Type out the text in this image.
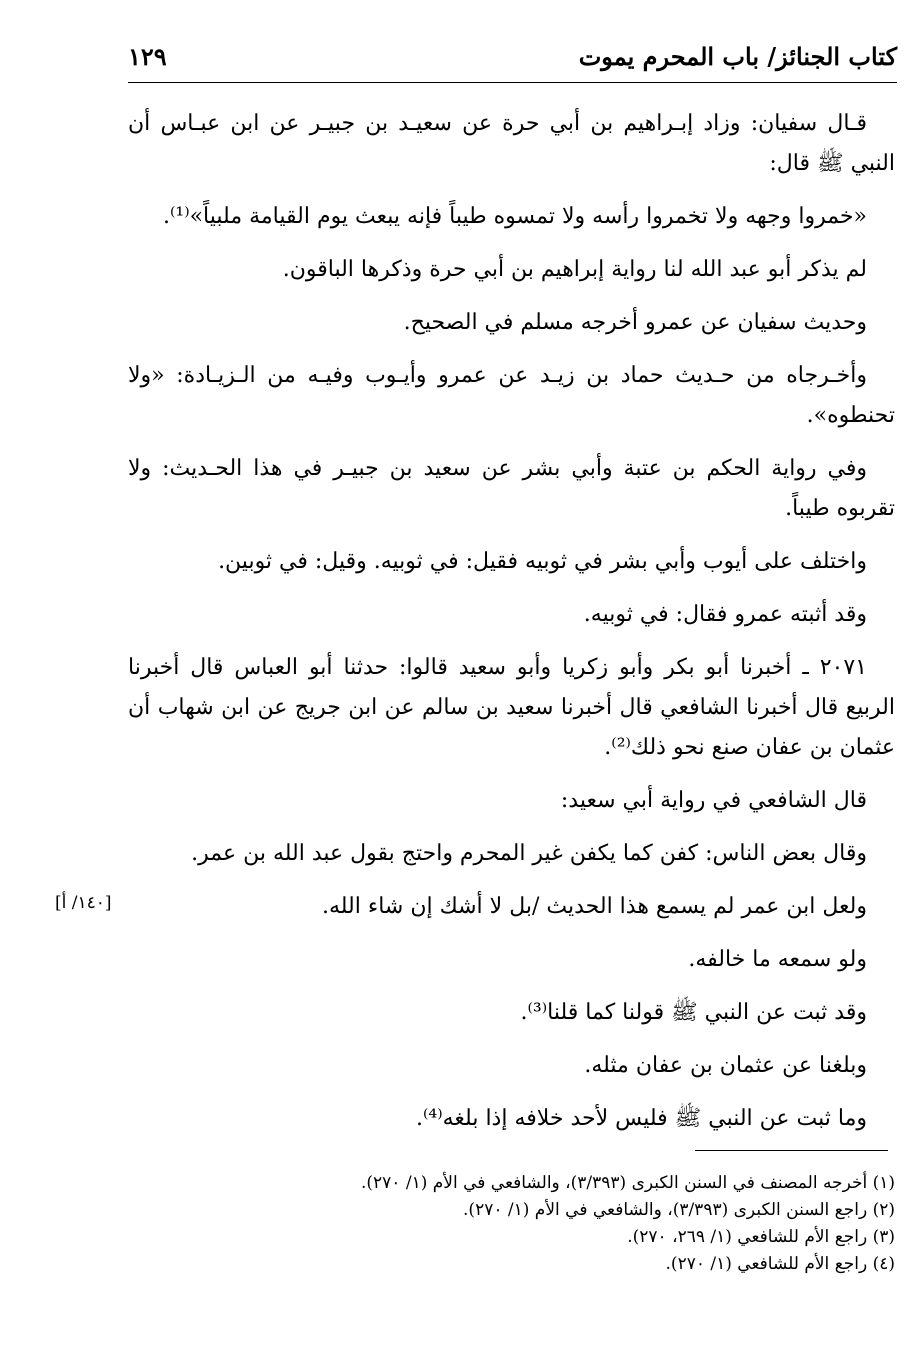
كتاب الجنائز/ باب المحرم يموت
١٢٩

قـال سفيان: وزاد إبـراهيم بن أبي حرة عن سعيـد بن جبيـر عن ابن عبـاس أن النبي ﷺ قال:

«خمروا وجهه ولا تخمروا رأسه ولا تمسوه طيباً فإنه يبعث يوم القيامة ملبياً»⁽¹⁾.

لم يذكر أبو عبد الله لنا رواية إبراهيم بن أبي حرة وذكرها الباقون.

وحديث سفيان عن عمرو أخرجه مسلم في الصحيح.

وأخـرجاه من حـديث حماد بن زيـد عن عمرو وأيـوب وفيـه من الـزيـادة: «ولا تحنطوه».

وفي رواية الحكم بن عتبة وأبي بشر عن سعيد بن جبيـر في هذا الحـديث: ولا تقربوه طيباً.

واختلف على أيوب وأبي بشر في ثوبيه فقيل: في ثوبيه. وقيل: في ثوبين.

وقد أثبته عمرو فقال: في ثوبيه.

٢٠٧١ ـ أخبرنا أبو بكر وأبو زكريا وأبو سعيد قالوا: حدثنا أبو العباس قال أخبرنا الربيع قال أخبرنا الشافعي قال أخبرنا سعيد بن سالم عن ابن جريج عن ابن شهاب أن عثمان بن عفان صنع نحو ذلك⁽²⁾.

قال الشافعي في رواية أبي سعيد:

وقال بعض الناس: كفن كما يكفن غير المحرم واحتج بقول عبد الله بن عمر.

ولعل ابن عمر لم يسمع هذا الحديث /بل لا أشك إن شاء الله.

ولو سمعه ما خالفه.

وقد ثبت عن النبي ﷺ قولنا كما قلنا⁽³⁾.

وبلغنا عن عثمان بن عفان مثله.

وما ثبت عن النبي ﷺ فليس لأحد خلافه إذا بلغه⁽⁴⁾.

[١٤٠/ أ]
(١) أخرجه المصنف في السنن الكبرى (٣/٣٩٣)، والشافعي في الأم (١/ ٢٧٠).
(٢) راجع السنن الكبرى (٣/٣٩٣)، والشافعي في الأم (١/ ٢٧٠).
(٣) راجع الأم للشافعي (١/ ٢٦٩، ٢٧٠).
(٤) راجع الأم للشافعي (١/ ٢٧٠).
